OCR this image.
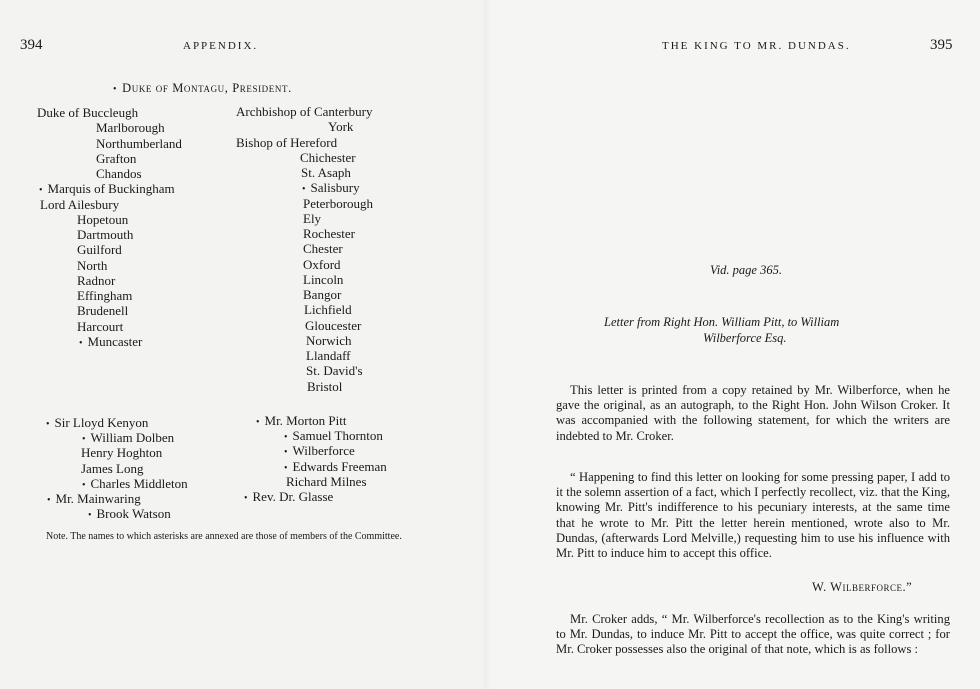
394	APPENDIX.
• Duke of Montagu, President.
Duke of Buccleugh
Marlborough
Northumberland
Grafton
Chandos
• Marquis of Buckingham
Lord Ailesbury
Hopetoun
Dartmouth
Guilford
North
Radnor
Effingham
Brudenell
Harcourt
• Muncaster
Archbishop of Canterbury
York
Bishop of Hereford
Chichester
St. Asaph
• Salisbury
Peterborough
Ely
Rochester
Chester
Oxford
Lincoln
Bangor
Lichfield
Gloucester
Norwich
Llandaff
St. David's
Bristol
• Sir Lloyd Kenyon
• William Dolben
Henry Hoghton
James Long
• Charles Middleton
• Mr. Mainwaring
• Brook Watson
• Mr. Morton Pitt
• Samuel Thornton
• Wilberforce
• Edwards Freeman
Richard Milnes
• Rev. Dr. Glasse
Note. The names to which asterisks are annexed are those of members of the Committee.
THE KING TO MR. DUNDAS.	395
Vid. page 365.
Letter from Right Hon. William Pitt, to William
Wilberforce Esq.
This letter is printed from a copy retained by Mr. Wilberforce, when he gave the original, as an autograph, to the Right Hon. John Wilson Croker. It was accompanied with the following statement, for which the writers are indebted to Mr. Croker.
“ Happening to find this letter on looking for some pressing paper, I add to it the solemn assertion of a fact, which I perfectly recollect, viz. that the King, knowing Mr. Pitt's indifference to his pecuniary interests, at the same time that he wrote to Mr. Pitt the letter herein mentioned, wrote also to Mr. Dundas, (afterwards Lord Melville,) requesting him to use his influence with Mr. Pitt to induce him to accept this office.
W. Wilberforce.”
Mr. Croker adds, “ Mr. Wilberforce's recollection as to the King's writing to Mr. Dundas, to induce Mr. Pitt to accept the office, was quite correct ; for Mr. Croker possesses also the original of that note, which is as follows :
